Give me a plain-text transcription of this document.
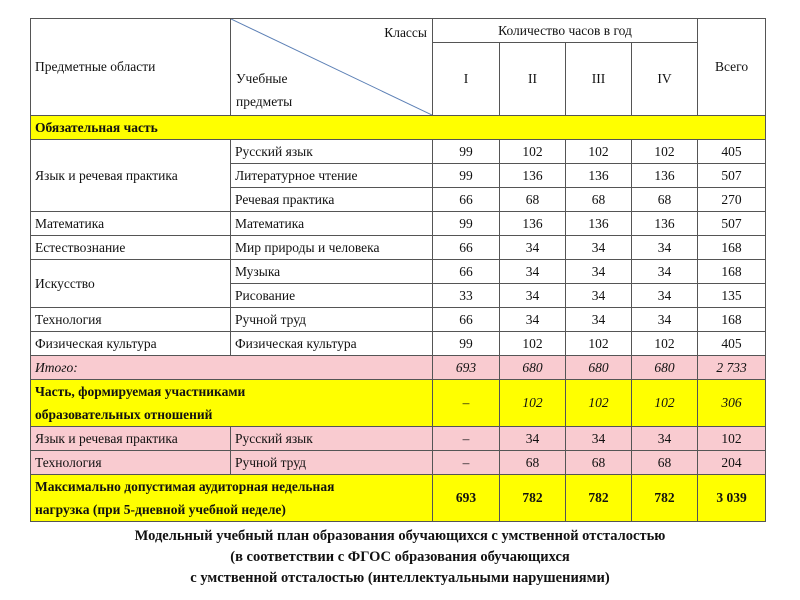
Предметные области	Классы
Учебные
предметы	Количество часов в год				Всего
		I	II	III	IV	
Обязательная часть						
Язык и речевая практика	Русский язык	99	102	102	102	405
	Литературное чтение	99	136	136	136	507
	Речевая практика	66	68	68	68	270
Математика	Математика	99	136	136	136	507
Естествознание	Мир природы и человека	66	34	34	34	168
Искусство	Музыка	66	34	34	34	168
	Рисование	33	34	34	34	135
Технология	Ручной труд	66	34	34	34	168
Физическая культура	Физическая культура	99	102	102	102	405
Итого:		693	680	680	680	2 733
Часть, формируемая участниками
образовательных отношений		–	102	102	102	306
Язык и речевая практика	Русский язык	–	34	34	34	102
Технология	Ручной труд	–	68	68	68	204
Максимально допустимая аудиторная недельная
нагрузка (при 5-дневной учебной неделе)		693	782	782	782	3 039
Модельный учебный план образования обучающихся с умственной отсталостью
(в соответствии с ФГОС образования обучающихся
с умственной отсталостью (интеллектуальными нарушениями)
